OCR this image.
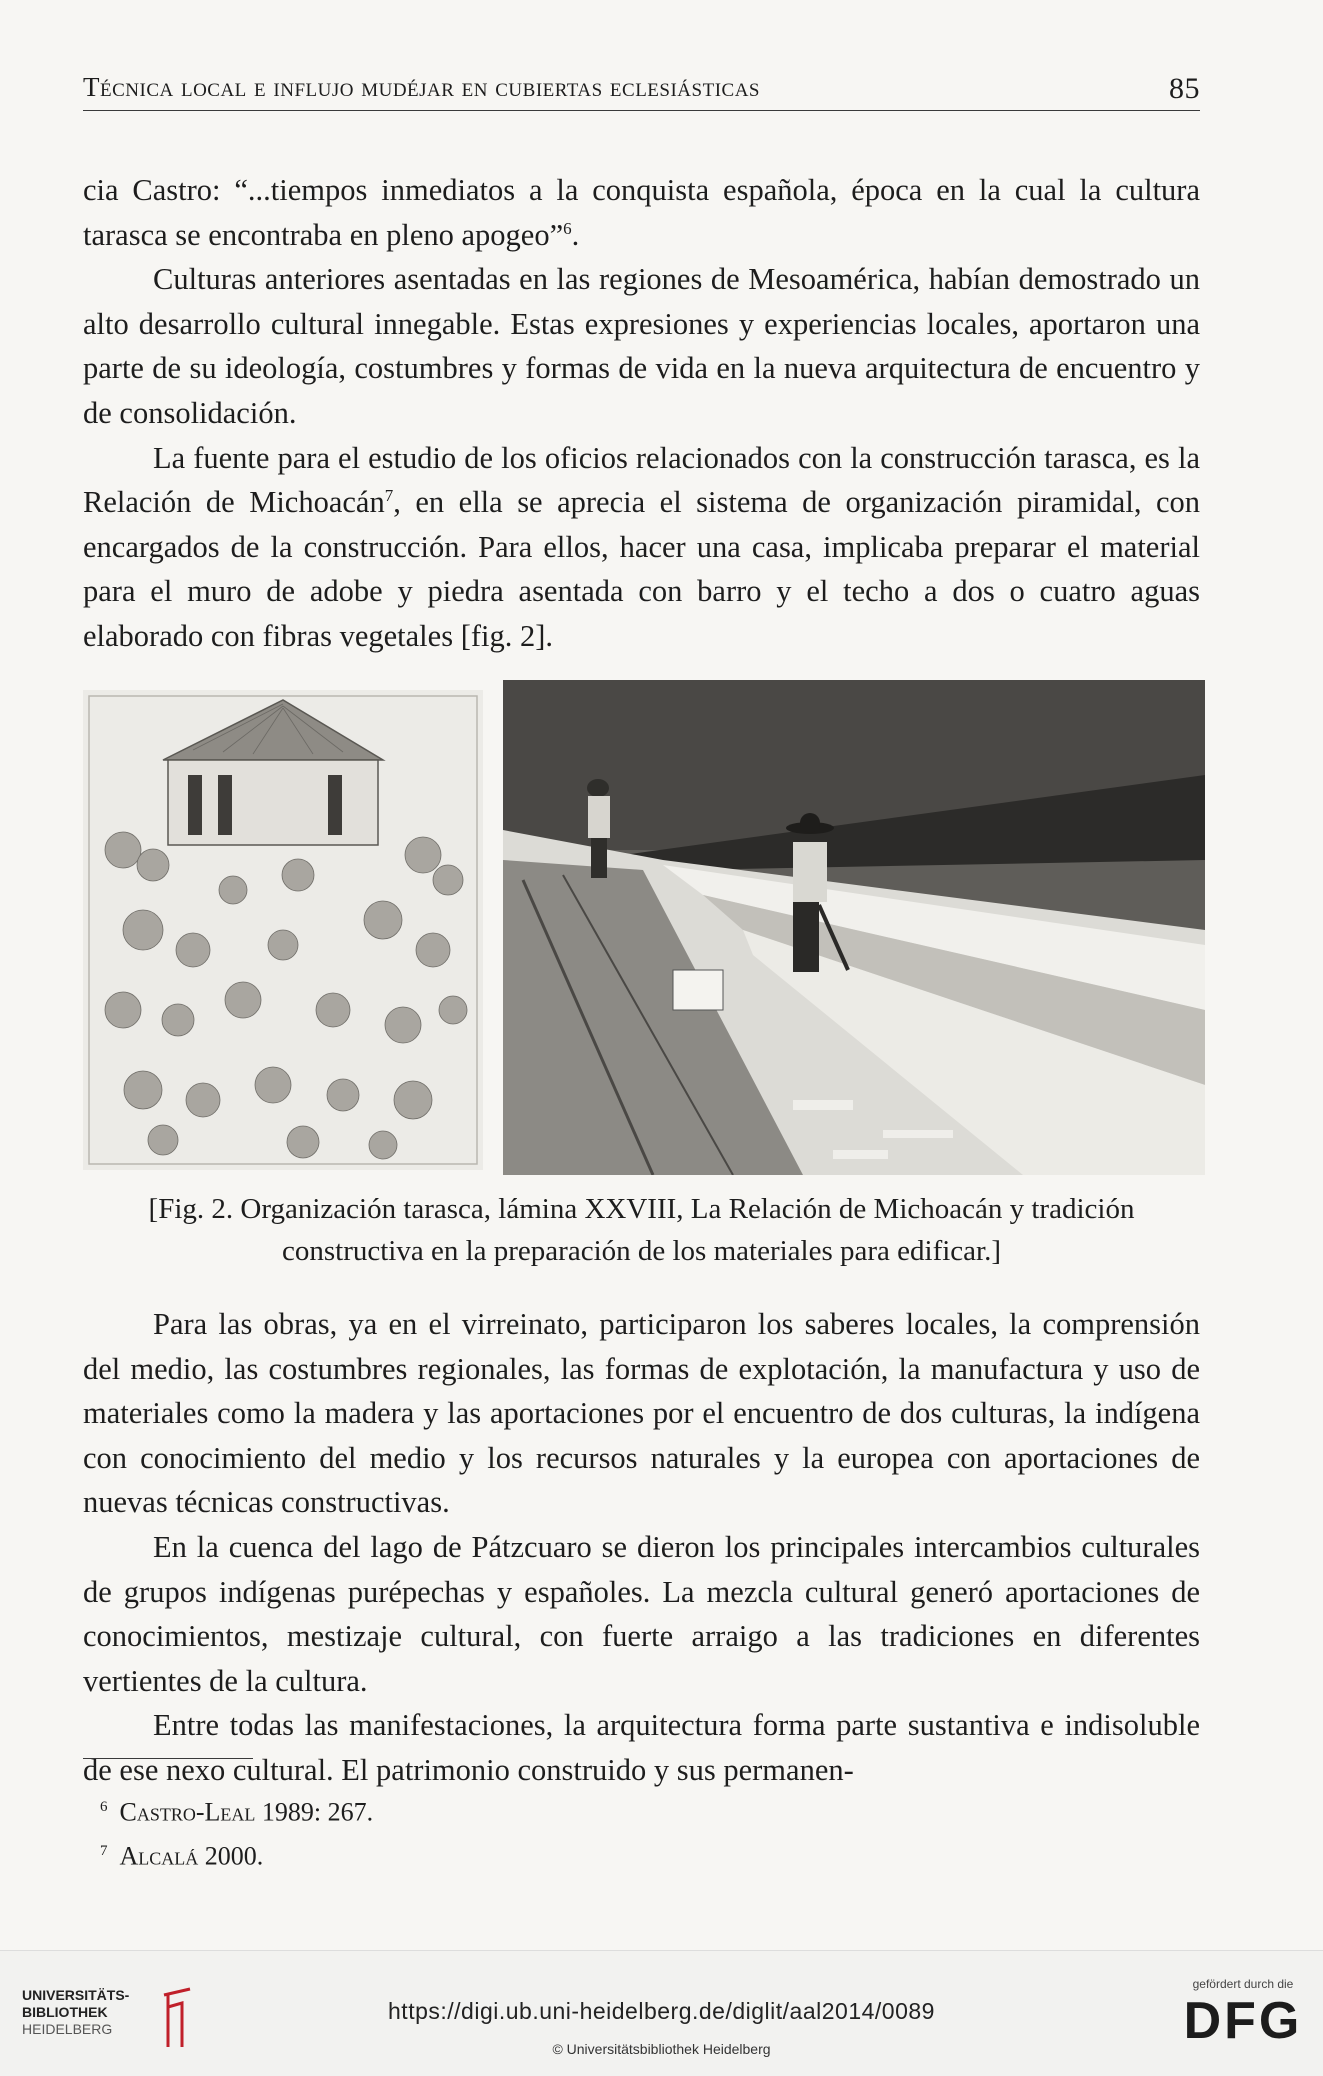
Técnica local e influjo mudéjar en cubiertas eclesiásticas	85

cia Castro: “...tiempos inmediatos a la conquista española, época en la cual la cultura tarasca se encontraba en pleno apogeo”$^6$.

Culturas anteriores asentadas en las regiones de Mesoamérica, habían demostrado un alto desarrollo cultural innegable. Estas expresiones y experiencias locales, aportaron una parte de su ideología, costumbres y formas de vida en la nueva arquitectura de encuentro y de consolidación.

La fuente para el estudio de los oficios relacionados con la construcción tarasca, es la Relación de Michoacán$^7$, en ella se aprecia el sistema de organización piramidal, con encargados de la construcción. Para ellos, hacer una casa, implicaba preparar el material para el muro de adobe y piedra asentada con barro y el techo a dos o cuatro aguas elaborado con fibras vegetales [fig. 2].

[Fig. 2. Organización tarasca, lámina XXVIII, La Relación de Michoacán y tradición constructiva en la preparación de los materiales para edificar.]

Para las obras, ya en el virreinato, participaron los saberes locales, la comprensión del medio, las costumbres regionales, las formas de explotación, la manufactura y uso de materiales como la madera y las aportaciones por el encuentro de dos culturas, la indígena con conocimiento del medio y los recursos naturales y la europea con aportaciones de nuevas técnicas constructivas.

En la cuenca del lago de Pátzcuaro se dieron los principales intercambios culturales de grupos indígenas purépechas y españoles. La mezcla cultural generó aportaciones de conocimientos, mestizaje cultural, con fuerte arraigo a las tradiciones en diferentes vertientes de la cultura.

Entre todas las manifestaciones, la arquitectura forma parte sustantiva e indisoluble de ese nexo cultural. El patrimonio construido y sus permanen-

$^6$ Castro-Leal 1989: 267.
$^7$ Alcalá 2000.
UNIVERSITÄTS-
BIBLIOTHEK
HEIDELBERG
https://digi.ub.uni-heidelberg.de/diglit/aal2014/0089
© Universitätsbibliothek Heidelberg
gefördert durch die
DFG
